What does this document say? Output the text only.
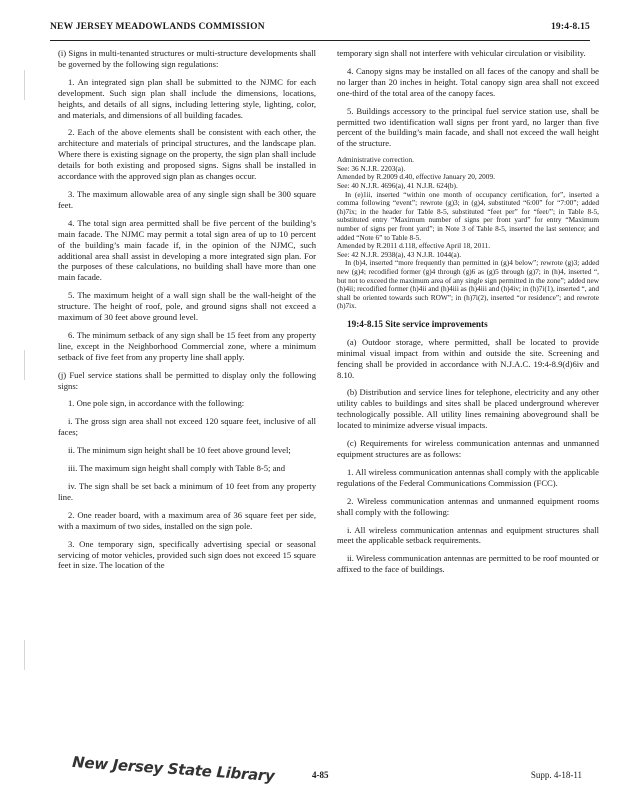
NEW JERSEY MEADOWLANDS COMMISSION	19:4-8.15

(i) Signs in multi-tenanted structures or multi-structure developments shall be governed by the following sign regulations:

1. An integrated sign plan shall be submitted to the NJMC for each development. Such sign plan shall include the dimensions, locations, heights, and details of all signs, including lettering style, lighting, color, and materials, and dimensions of all building facades.

2. Each of the above elements shall be consistent with each other, the architecture and materials of principal structures, and the landscape plan. Where there is existing signage on the property, the sign plan shall include details for both existing and proposed signs. Signs shall be installed in accordance with the approved sign plan as changes occur.

3. The maximum allowable area of any single sign shall be 300 square feet.

4. The total sign area permitted shall be five percent of the building’s main facade. The NJMC may permit a total sign area of up to 10 percent of the building’s main facade if, in the opinion of the NJMC, such additional area shall assist in developing a more integrated sign plan. For the purposes of these calculations, no building shall have more than one main facade.

5. The maximum height of a wall sign shall be the wall-height of the structure. The height of roof, pole, and ground signs shall not exceed a maximum of 30 feet above ground level.

6. The minimum setback of any sign shall be 15 feet from any property line, except in the Neighborhood Commercial zone, where a minimum setback of five feet from any property line shall apply.

(j) Fuel service stations shall be permitted to display only the following signs:

1. One pole sign, in accordance with the following:

i. The gross sign area shall not exceed 120 square feet, inclusive of all faces;

ii. The minimum sign height shall be 10 feet above ground level;

iii. The maximum sign height shall comply with Table 8-5; and

iv. The sign shall be set back a minimum of 10 feet from any property line.

2. One reader board, with a maximum area of 36 square feet per side, with a maximum of two sides, installed on the sign pole.

3. One temporary sign, specifically advertising special or seasonal servicing of motor vehicles, provided such sign does not exceed 15 square feet in size. The location of the

temporary sign shall not interfere with vehicular circulation or visibility.

4. Canopy signs may be installed on all faces of the canopy and shall be no larger than 20 inches in height. Total canopy sign area shall not exceed one-third of the total area of the canopy faces.

5. Buildings accessory to the principal fuel service station use, shall be permitted two identification wall signs per front yard, no larger than five percent of the building’s main facade, and shall not exceed the wall height of the structure.

Administrative correction.
See: 36 N.J.R. 2203(a).
Amended by R.2009 d.40, effective January 20, 2009.
See: 40 N.J.R. 4696(a), 41 N.J.R. 624(b).
In (e)1ii, inserted “within one month of occupancy certification, for”, inserted a comma following “event”; rewrote (g)3; in (g)4, substituted “6:00” for “7:00”; added (h)7ix; in the header for Table 8-5, substituted “feet per” for “feet/”; in Table 8-5, substituted entry “Maximum number of signs per front yard” for entry “Maximum number of signs per front yard”; in Note 3 of Table 8-5, inserted the last sentence; and added “Note 6” to Table 8-5.
Amended by R.2011 d.118, effective April 18, 2011.
See: 42 N.J.R. 2938(a), 43 N.J.R. 1044(a).
In (b)4, inserted “more frequently than permitted in (g)4 below”; rewrote (g)3; added new (g)4; recodified former (g)4 through (g)6 as (g)5 through (g)7; in (h)4, inserted “, but not to exceed the maximum area of any single sign permitted in the zone”; added new (h)4ii; recodified former (h)4ii and (h)4iii as (h)4iii and (h)4iv; in (h)7i(1), inserted “, and shall be oriented towards such ROW”; in (h)7i(2), inserted “or residence”; and rewrote (h)7ix.

19:4-8.15 Site service improvements

(a) Outdoor storage, where permitted, shall be located to provide minimal visual impact from within and outside the site. Screening and fencing shall be provided in accordance with N.J.A.C. 19:4-8.9(d)6iv and 8.10.

(b) Distribution and service lines for telephone, electricity and any other utility cables to buildings and sites shall be placed underground wherever technologically possible. All utility lines remaining aboveground shall be located to minimize adverse visual impacts.

(c) Requirements for wireless communication antennas and unmanned equipment structures are as follows:

1. All wireless communication antennas shall comply with the applicable regulations of the Federal Communications Commission (FCC).

2. Wireless communication antennas and unmanned equipment rooms shall comply with the following:

i. All wireless communication antennas and equipment structures shall meet the applicable setback requirements.

ii. Wireless communication antennas are permitted to be roof mounted or affixed to the face of buildings.

New Jersey State Library	4-85	Supp. 4-18-11
